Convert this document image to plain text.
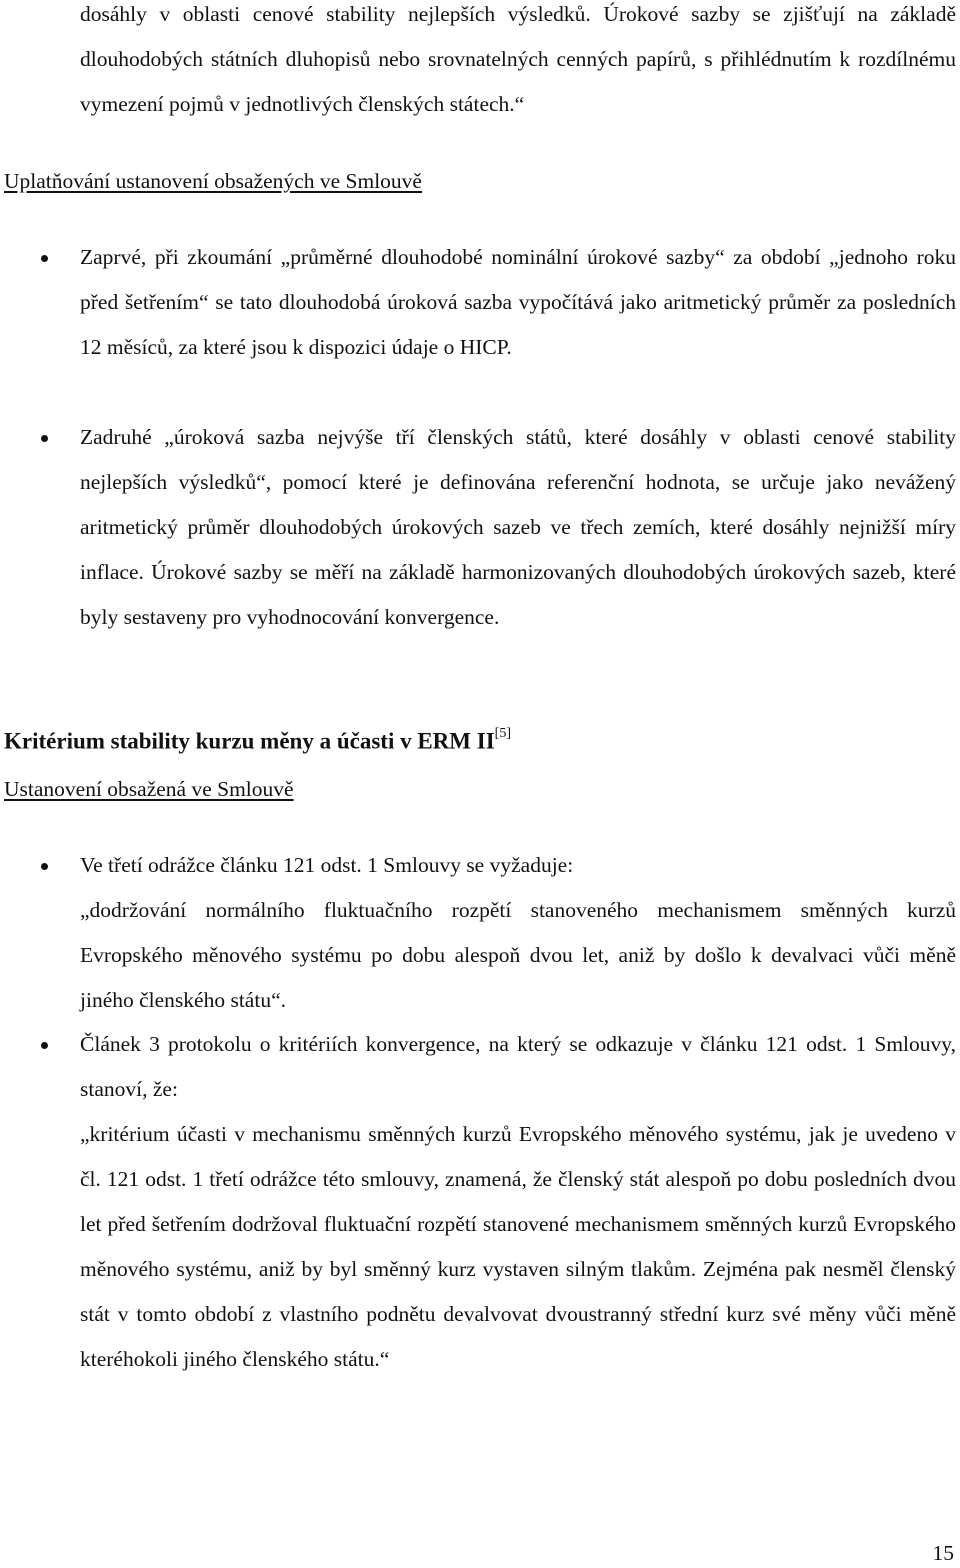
dosáhly v oblasti cenové stability nejlepších výsledků. Úrokové sazby se zjišťují na základě dlouhodobých státních dluhopisů nebo srovnatelných cenných papírů, s přihlédnutím k rozdílnému vymezení pojmů v jednotlivých členských státech.“

Uplatňování ustanovení obsažených ve Smlouvě

Zaprvé, při zkoumání „průměrné dlouhodobé nominální úrokové sazby“ za období „jednoho roku před šetřením“ se tato dlouhodobá úroková sazba vypočítává jako aritmetický průměr za posledních 12 měsíců, za které jsou k dispozici údaje o HICP.

Zadruhé „úroková sazba nejvýše tří členských států, které dosáhly v oblasti cenové stability nejlepších výsledků“, pomocí které je definována referenční hodnota, se určuje jako nevážený aritmetický průměr dlouhodobých úrokových sazeb ve třech zemích, které dosáhly nejnižší míry inflace. Úrokové sazby se měří na základě harmonizovaných dlouhodobých úrokových sazeb, které byly sestaveny pro vyhodnocování konvergence.

Kritérium stability kurzu měny a účasti v ERM II[5]

Ustanovení obsažená ve Smlouvě

Ve třetí odrážce článku 121 odst. 1 Smlouvy se vyžaduje:

„dodržování normálního fluktuačního rozpětí stanoveného mechanismem směnných kurzů Evropského měnového systému po dobu alespoň dvou let, aniž by došlo k devalvaci vůči měně jiného členského státu“.

Článek 3 protokolu o kritériích konvergence, na který se odkazuje v článku 121 odst. 1 Smlouvy, stanoví, že:

„kritérium účasti v mechanismu směnných kurzů Evropského měnového systému, jak je uvedeno v čl. 121 odst. 1 třetí odrážce této smlouvy, znamená, že členský stát alespoň po dobu posledních dvou let před šetřením dodržoval fluktuační rozpětí stanovené mechanismem směnných kurzů Evropského měnového systému, aniž by byl směnný kurz vystaven silným tlakům. Zejména pak nesměl členský stát v tomto období z vlastního podnětu devalvovat dvoustranný střední kurz své měny vůči měně kteréhokoli jiného členského státu.“

15
